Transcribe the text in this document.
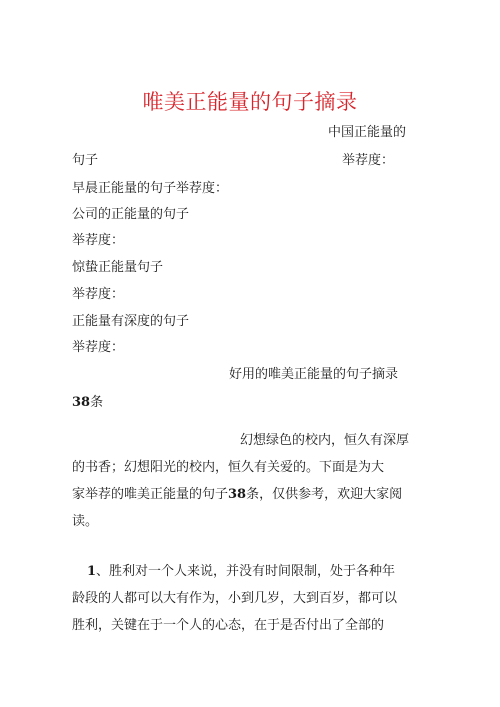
唯美正能量的句子摘录
中国正能量的
句子	举荐度：
早晨正能量的句子举荐度：
公司的正能量的句子
举荐度：
惊蛰正能量句子
举荐度：
正能量有深度的句子
举荐度：
好用的唯美正能量的句子摘录
38条
幻想绿色的校内，恒久有深厚
的书香；幻想阳光的校内，恒久有关爱的。下面是为大
家举荐的唯美正能量的句子38条，仅供参考，欢迎大家阅
读。
1、胜利对一个人来说，并没有时间限制，处于各种年
龄段的人都可以大有作为，小到几岁，大到百岁，都可以
胜利，关键在于一个人的心态，在于是否付出了全部的
